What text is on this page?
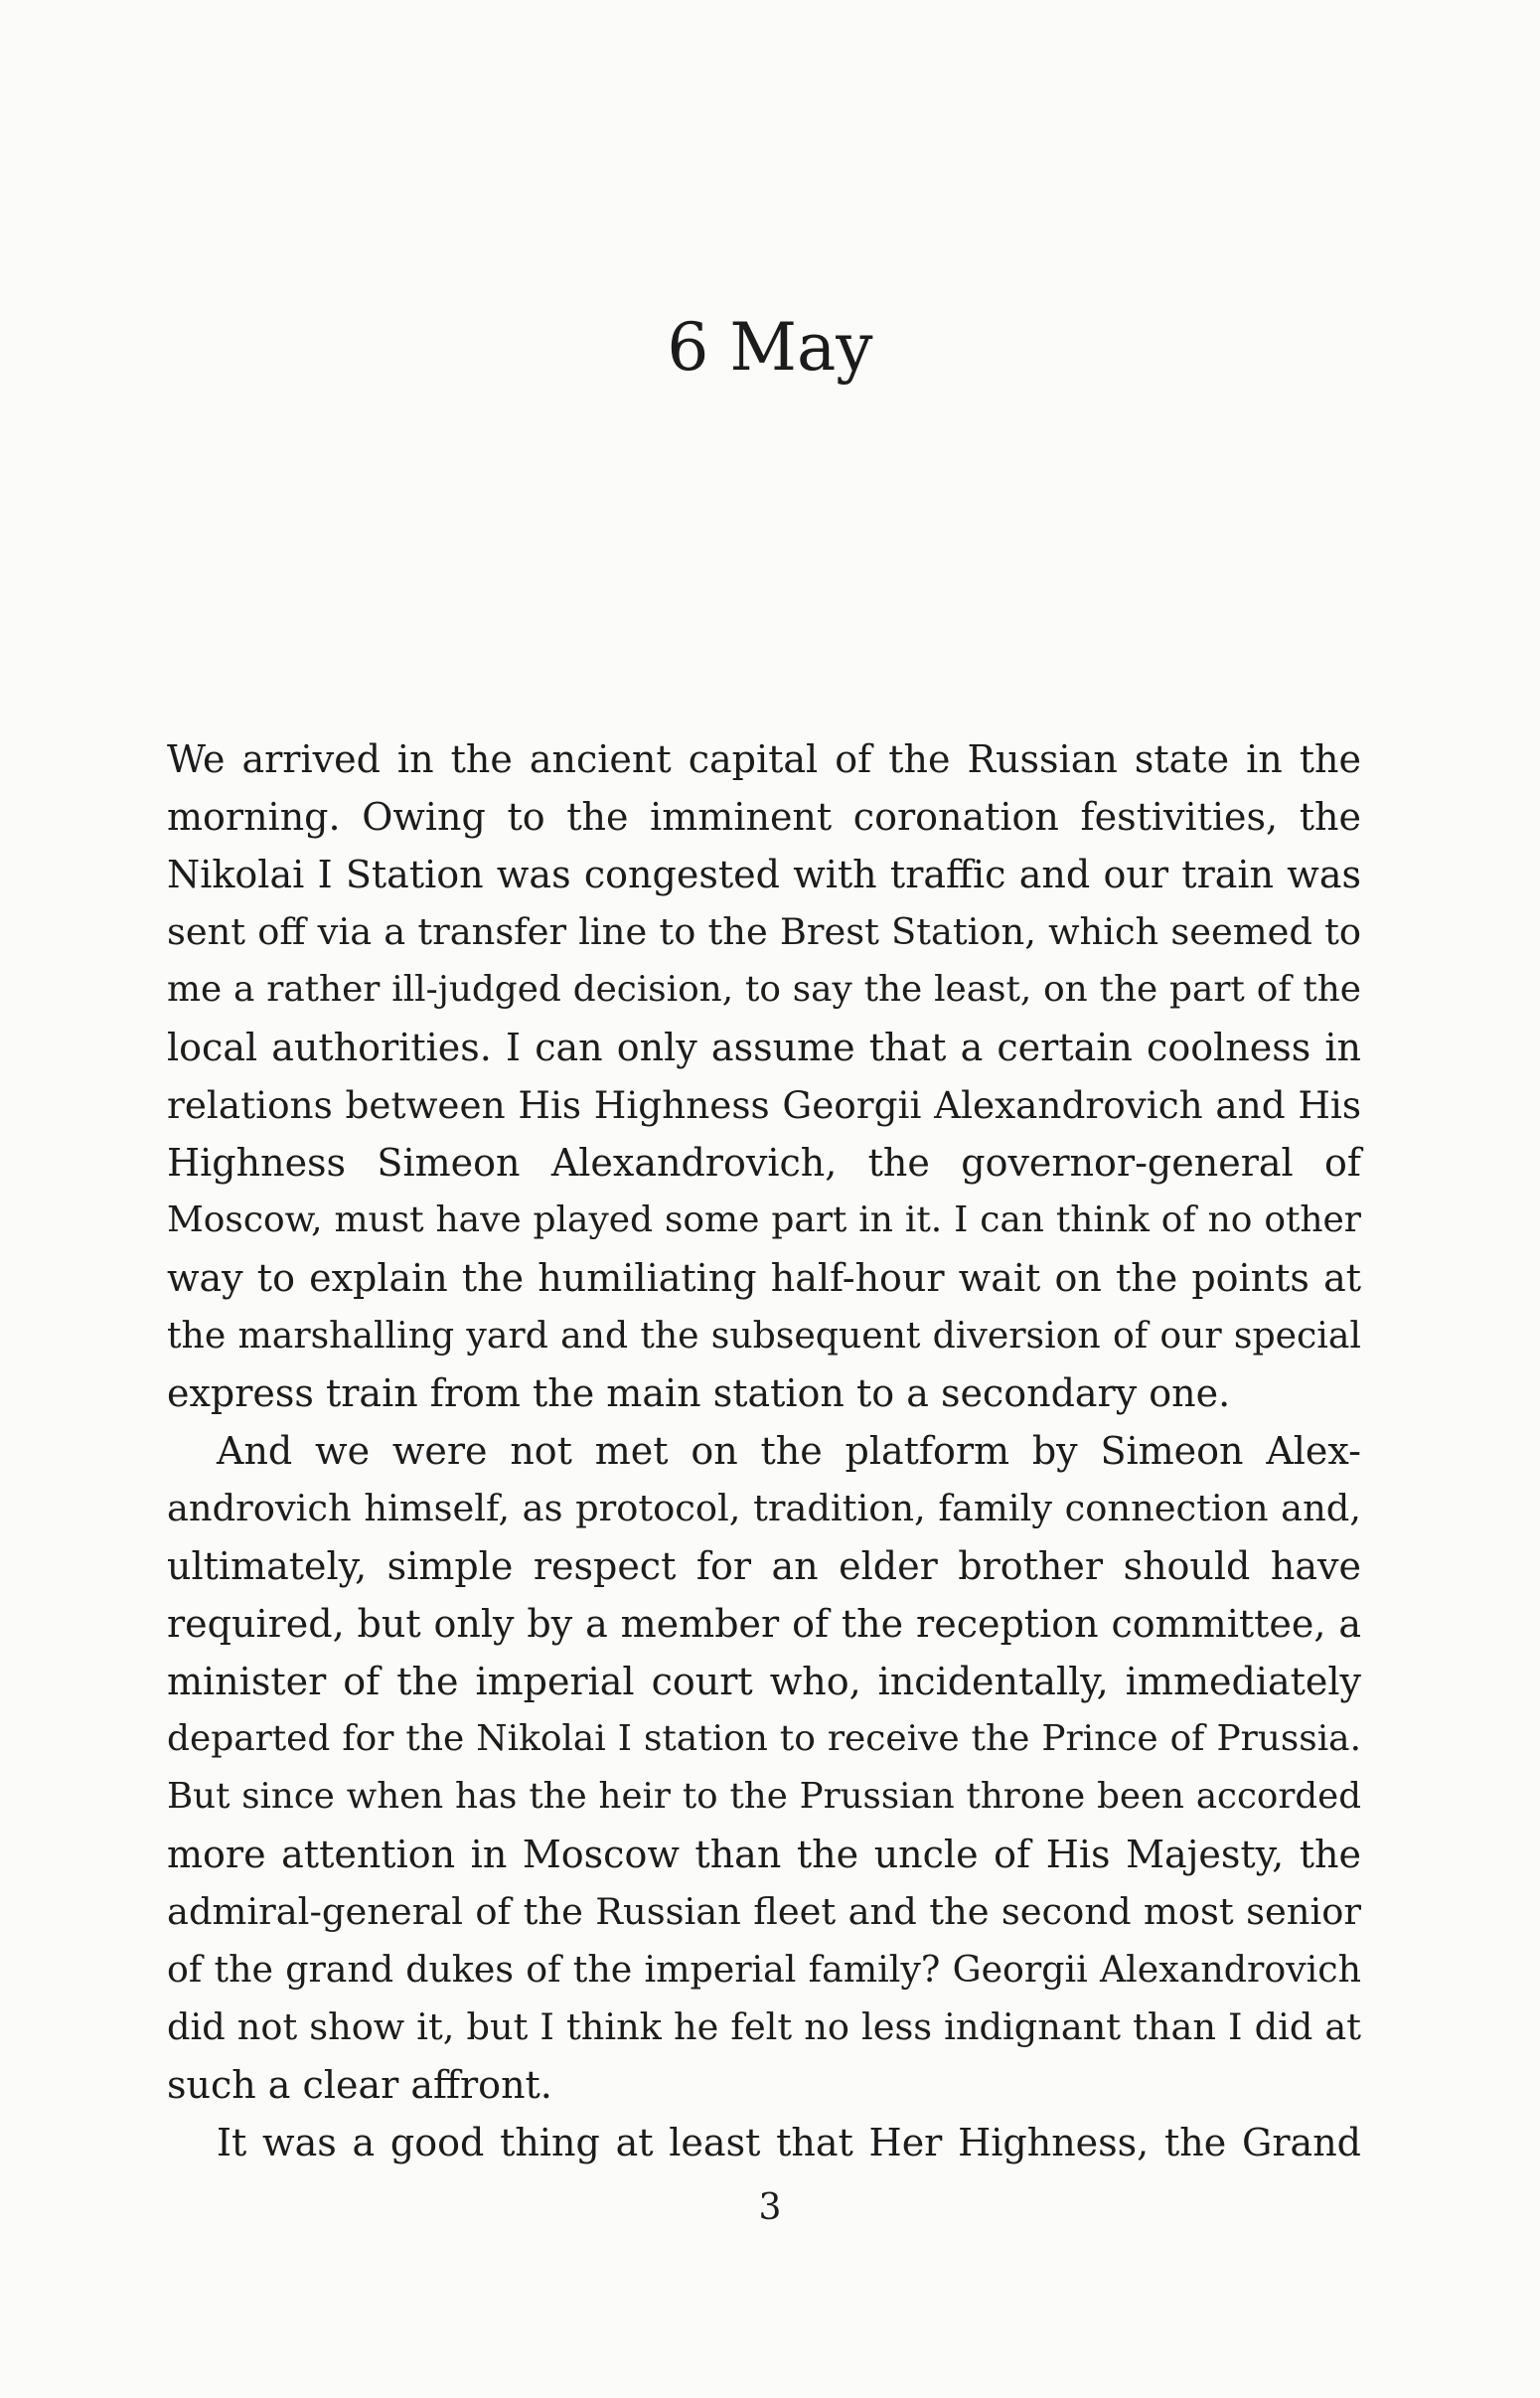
6 May

We arrived in the ancient capital of the Russian state in the
morning. Owing to the imminent coronation festivities, the
Nikolai I Station was congested with traffic and our train was
sent off via a transfer line to the Brest Station, which seemed to
me a rather ill-judged decision, to say the least, on the part of the
local authorities. I can only assume that a certain coolness in
relations between His Highness Georgii Alexandrovich and His
Highness Simeon Alexandrovich, the governor-general of
Moscow, must have played some part in it. I can think of no other
way to explain the humiliating half-hour wait on the points at
the marshalling yard and the subsequent diversion of our special
express train from the main station to a secondary one.

And we were not met on the platform by Simeon Alex-
androvich himself, as protocol, tradition, family connection and,
ultimately, simple respect for an elder brother should have
required, but only by a member of the reception committee, a
minister of the imperial court who, incidentally, immediately
departed for the Nikolai I station to receive the Prince of Prussia.
But since when has the heir to the Prussian throne been accorded
more attention in Moscow than the uncle of His Majesty, the
admiral-general of the Russian fleet and the second most senior
of the grand dukes of the imperial family? Georgii Alexandrovich
did not show it, but I think he felt no less indignant than I did at
such a clear affront.

It was a good thing at least that Her Highness, the Grand

3
